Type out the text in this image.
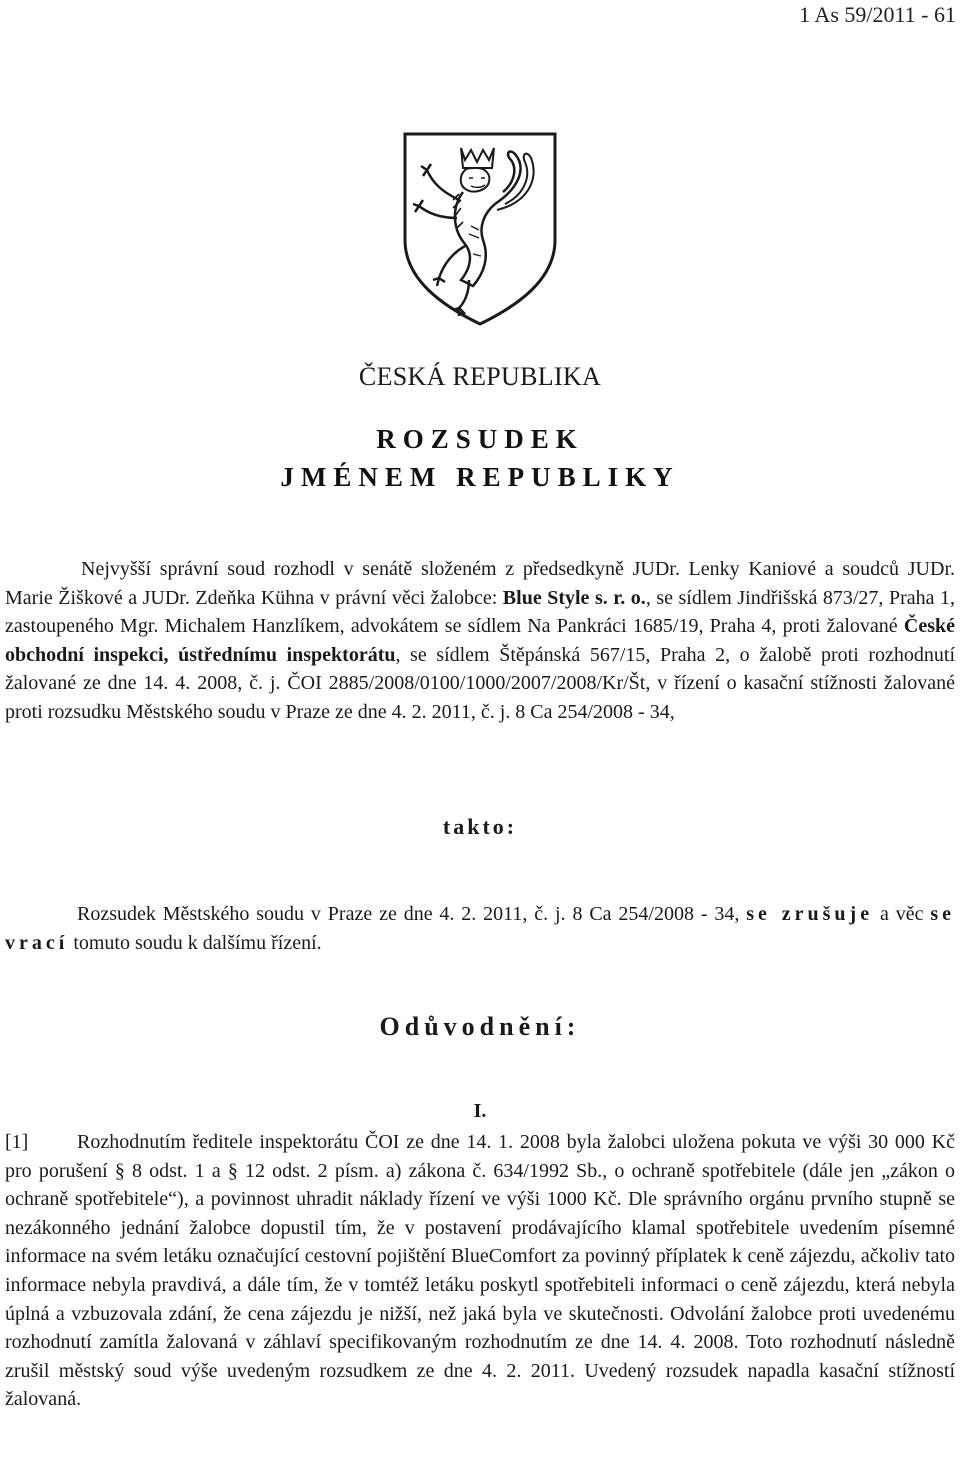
1 As 59/2011 - 61
ČESKÁ REPUBLIKA
ROZSUDEK
JMÉNEM REPUBLIKY

Nejvyšší správní soud rozhodl v senátě složeném z předsedkyně JUDr. Lenky Kaniové a soudců JUDr. Marie Žiškové a JUDr. Zdeňka Kühna v právní věci žalobce: Blue Style s. r. o., se sídlem Jindřišská 873/27, Praha 1, zastoupeného Mgr. Michalem Hanzlíkem, advokátem se sídlem Na Pankráci 1685/19, Praha 4, proti žalované České obchodní inspekci, ústřednímu inspektorátu, se sídlem Štěpánská 567/15, Praha 2, o žalobě proti rozhodnutí žalované ze dne 14. 4. 2008, č. j. ČOI 2885/2008/0100/1000/2007/2008/Kr/Št, v řízení o kasační stížnosti žalované proti rozsudku Městského soudu v Praze ze dne 4. 2. 2011, č. j. 8 Ca 254/2008 - 34,

takto:

Rozsudek Městského soudu v Praze ze dne 4. 2. 2011, č. j. 8 Ca 254/2008 - 34, se zrušuje a věc se vrací tomuto soudu k dalšímu řízení.

Odůvodnění:
I.

[1] Rozhodnutím ředitele inspektorátu ČOI ze dne 14. 1. 2008 byla žalobci uložena pokuta ve výši 30 000 Kč pro porušení § 8 odst. 1 a § 12 odst. 2 písm. a) zákona č. 634/1992 Sb., o ochraně spotřebitele (dále jen „zákon o ochraně spotřebitele“), a povinnost uhradit náklady řízení ve výši 1000 Kč. Dle správního orgánu prvního stupně se nezákonného jednání žalobce dopustil tím, že v postavení prodávajícího klamal spotřebitele uvedením písemné informace na svém letáku označující cestovní pojištění BlueComfort za povinný příplatek k ceně zájezdu, ačkoliv tato informace nebyla pravdivá, a dále tím, že v tomtéž letáku poskytl spotřebiteli informaci o ceně zájezdu, která nebyla úplná a vzbuzovala zdání, že cena zájezdu je nižší, než jaká byla ve skutečnosti. Odvolání žalobce proti uvedenému rozhodnutí zamítla žalovaná v záhlaví specifikovaným rozhodnutím ze dne 14. 4. 2008. Toto rozhodnutí následně zrušil městský soud výše uvedeným rozsudkem ze dne 4. 2. 2011. Uvedený rozsudek napadla kasační stížností žalovaná.
